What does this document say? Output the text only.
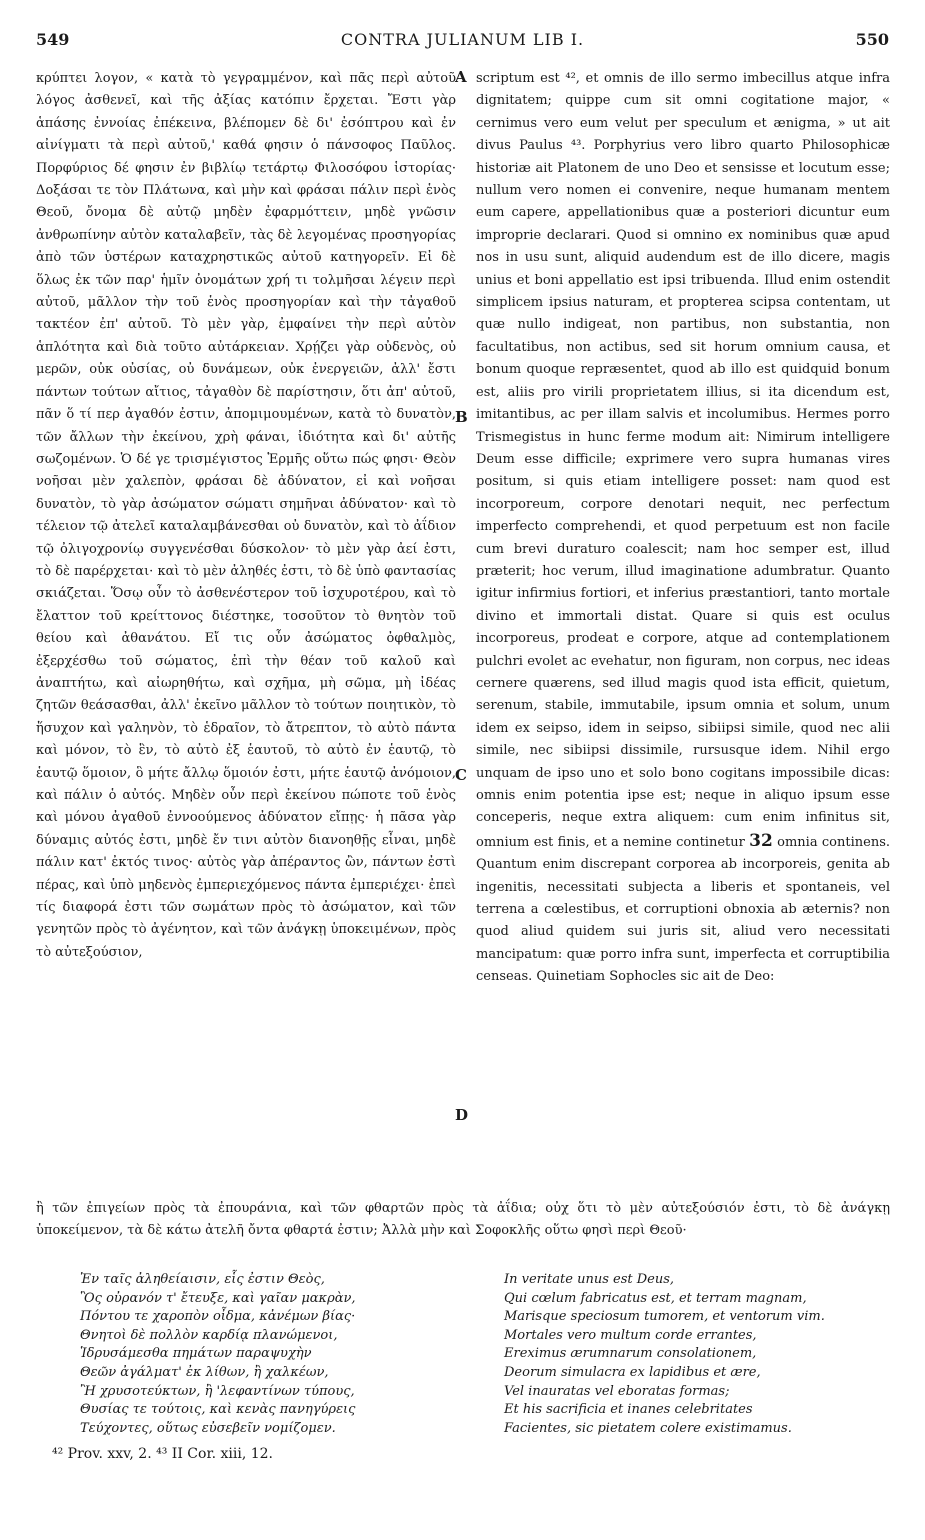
549	CONTRA JULIANUM LIB I.	550

κρύπτει λογον, « κατὰ τὸ γεγραμμένον, καὶ πᾶς περὶ αὐτοῦ λόγος ἀσθενεῖ, καὶ τῆς ἀξίας κατόπιν ἔρχεται. Ἔστι γὰρ ἁπάσης ἐννοίας ἐπέκεινα, βλέπομεν δὲ δι' ἐσόπτρου καὶ ἐν αἰνίγματι τὰ περὶ αὐτοῦ,' καθά φησιν ὁ πάνσοφος Παῦλος. Πορφύριος δέ φησιν ἐν βιβλίῳ τετάρτῳ Φιλοσόφου ἱστορίας· Δοξάσαι τε τὸν Πλάτωνα, καὶ μὴν καὶ φράσαι πάλιν περὶ ἑνὸς Θεοῦ, ὄνομα δὲ αὐτῷ μηδὲν ἐφαρμόττειν, μηδὲ γνῶσιν ἀνθρωπίνην αὐτὸν καταλαβεῖν, τὰς δὲ λεγομένας προσηγορίας ἀπὸ τῶν ὑστέρων καταχρηστικῶς αὐτοῦ κατηγορεῖν. Εἰ δὲ ὅλως ἐκ τῶν παρ' ἡμῖν ὀνομάτων χρή τι τολμῆσαι λέγειν περὶ αὐτοῦ, μᾶλλον τὴν τοῦ ἑνὸς προσηγορίαν καὶ τὴν τἀγαθοῦ τακτέον ἐπ' αὐτοῦ. Τὸ μὲν γὰρ, ἐμφαίνει τὴν περὶ αὐτὸν ἁπλότητα καὶ διὰ τοῦτο αὐτάρκειαν. Χρῄζει γὰρ οὐδενὸς, οὐ μερῶν, οὐκ οὐσίας, οὐ δυνάμεων, οὐκ ἐνεργειῶν, ἀλλ' ἔστι πάντων τούτων αἴτιος, τἀγαθὸν δὲ παρίστησιν, ὅτι ἀπ' αὐτοῦ, πᾶν ὅ τί περ ἀγαθόν ἐστιν, ἀπομιμουμένων, κατὰ τὸ δυνατὸν, τῶν ἄλλων τὴν ἐκείνου, χρὴ φάναι, ἰδιότητα καὶ δι' αὐτῆς σωζομένων. Ὁ δέ γε τρισμέγιστος Ἑρμῆς οὕτω πώς φησι· Θεὸν νοῆσαι μὲν χαλεπὸν, φράσαι δὲ ἀδύνατον, εἰ καὶ νοῆσαι δυνατὸν, τὸ γὰρ ἀσώματον σώματι σημῆναι ἀδύνατον· καὶ τὸ τέλειον τῷ ἀτελεῖ καταλαμβάνεσθαι οὐ δυνατὸν, καὶ τὸ ἀΐδιον τῷ ὀλιγοχρονίῳ συγγενέσθαι δύσκολον· τὸ μὲν γὰρ ἀεί ἐστι, τὸ δὲ παρέρχεται· καὶ τὸ μὲν ἀληθές ἐστι, τὸ δὲ ὑπὸ φαντασίας σκιάζεται. Ὅσῳ οὖν τὸ ἀσθενέστερον τοῦ ἰσχυροτέρου, καὶ τὸ ἔλαττον τοῦ κρείττονος διέστηκε, τοσοῦτον τὸ θνητὸν τοῦ θείου καὶ ἀθανάτου. Εἴ τις οὖν ἀσώματος ὀφθαλμὸς, ἐξερχέσθω τοῦ σώματος, ἐπὶ τὴν θέαν τοῦ καλοῦ καὶ ἀναπτήτω, καὶ αἰωρηθήτω, καὶ σχῆμα, μὴ σῶμα, μὴ ἰδέας ζητῶν θεάσασθαι, ἀλλ' ἐκεῖνο μᾶλλον τὸ τούτων ποιητικὸν, τὸ ἥσυχον καὶ γαληνὸν, τὸ ἑδραῖον, τὸ ἄτρεπτον, τὸ αὐτὸ πάντα καὶ μόνον, τὸ ἓν, τὸ αὐτὸ ἐξ ἑαυτοῦ, τὸ αὐτὸ ἐν ἑαυτῷ, τὸ ἑαυτῷ ὅμοιον, ὃ μήτε ἄλλῳ ὅμοιόν ἐστι, μήτε ἑαυτῷ ἀνόμοιον, καὶ πάλιν ὁ αὐτός. Μηδὲν οὖν περὶ ἐκείνου πώποτε τοῦ ἑνὸς καὶ μόνου ἀγαθοῦ ἐννοούμενος ἀδύνατον εἴπῃς· ἡ πᾶσα γὰρ δύναμις αὐτός ἐστι, μηδὲ ἔν τινι αὐτὸν διανοηθῇς εἶναι, μηδὲ πάλιν κατ' ἐκτός τινος· αὐτὸς γὰρ ἀπέραντος ὢν, πάντων ἐστὶ πέρας, καὶ ὑπὸ μηδενὸς ἐμπεριεχόμενος πάντα ἐμπεριέχει· ἐπεὶ τίς διαφορά ἐστι τῶν σωμάτων πρὸς τὸ ἀσώματον, καὶ τῶν γενητῶν πρὸς τὸ ἀγένητον, καὶ τῶν ἀνάγκῃ ὑποκειμένων, πρὸς τὸ αὐτεξούσιον,

A
B
C
D

scriptum est ⁴², et omnis de illo sermo imbecillus atque infra dignitatem; quippe cum sit omni cogitatione major, « cernimus vero eum velut per speculum et ænigma, » ut ait divus Paulus ⁴³. Porphyrius vero libro quarto Philosophicæ historiæ ait Platonem de uno Deo et sensisse et locutum esse; nullum vero nomen ei convenire, neque humanam mentem eum capere, appellationibus quæ a posteriori dicuntur eum improprie declarari. Quod si omnino ex nominibus quæ apud nos in usu sunt, aliquid audendum est de illo dicere, magis unius et boni appellatio est ipsi tribuenda. Illud enim ostendit simplicem ipsius naturam, et propterea scipsa contentam, ut quæ nullo indigeat, non partibus, non substantia, non facultatibus, non actibus, sed sit horum omnium causa, et bonum quoque repræsentet, quod ab illo est quidquid bonum est, aliis pro virili proprietatem illius, si ita dicendum est, imitantibus, ac per illam salvis et incolumibus. Hermes porro Trismegistus in hunc ferme modum ait: Nimirum intelligere Deum esse difficile; exprimere vero supra humanas vires positum, si quis etiam intelligere posset: nam quod est incorporeum, corpore denotari nequit, nec perfectum imperfecto comprehendi, et quod perpetuum est non facile cum brevi duraturo coalescit; nam hoc semper est, illud præterit; hoc verum, illud imaginatione adumbratur. Quanto igitur infirmius fortiori, et inferius præstantiori, tanto mortale divino et immortali distat. Quare si quis est oculus incorporeus, prodeat e corpore, atque ad contemplationem pulchri evolet ac evehatur, non figuram, non corpus, nec ideas cernere quærens, sed illud magis quod ista efficit, quietum, serenum, stabile, immutabile, ipsum omnia et solum, unum idem ex seipso, idem in seipso, sibiipsi simile, quod nec alii simile, nec sibiipsi dissimile, rursusque idem. Nihil ergo unquam de ipso uno et solo bono cogitans impossibile dicas: omnis enim potentia ipse est; neque in aliquo ipsum esse conceperis, neque extra aliquem: cum enim infinitus sit, omnium est finis, et a nemine continetur 32 omnia continens. Quantum enim discrepant corporea ab incorporeis, genita ab ingenitis, necessitati subjecta a liberis et spontaneis, vel terrena a cœlestibus, et corruptioni obnoxia ab æternis? non quod aliud quidem sui juris sit, aliud vero necessitati mancipatum: quæ porro infra sunt, imperfecta et corruptibilia censeas. Quinetiam Sophocles sic ait de Deo:

ἢ τῶν ἐπιγείων πρὸς τὰ ἐπουράνια, καὶ τῶν φθαρτῶν πρὸς τὰ ἀΐδια; οὐχ ὅτι τὸ μὲν αὐτεξούσιόν ἐστι, τὸ δὲ ἀνάγκῃ ὑποκείμενον, τὰ δὲ κάτω ἀτελῆ ὄντα φθαρτά ἐστιν; Ἀλλὰ μὴν καὶ Σοφοκλῆς οὕτω φησὶ περὶ Θεοῦ·

Ἐν ταῖς ἀληθείαισιν, εἷς ἐστιν Θεὸς,
Ὃς οὐρανόν τ' ἔτευξε, καὶ γαῖαν μακρὰν,
Πόντου τε χαροπὸν οἶδμα, κἀνέμων βίας·
Θνητοὶ δὲ πολλὸν καρδίᾳ πλανώμενοι,
Ἱδρυσάμεσθα πημάτων παραψυχὴν
Θεῶν ἀγάλματ' ἐκ λίθων, ἢ χαλκέων,
Ἢ χρυσοτεύκτων, ἢ 'λεφαντίνων τύπους,
Θυσίας τε τούτοις, καὶ κενὰς πανηγύρεις
Τεύχοντες, οὕτως εὐσεβεῖν νομίζομεν.
In veritate unus est Deus,
Qui cœlum fabricatus est, et terram magnam,
Marisque speciosum tumorem, et ventorum vim.
Mortales vero multum corde errantes,
Ereximus ærumnarum consolationem,
Deorum simulacra ex lapidibus et ære,
Vel inauratas vel eboratas formas;
Et his sacrificia et inanes celebritates
Facientes, sic pietatem colere existimamus.
⁴² Prov. xxv, 2. ⁴³ II Cor. xiii, 12.
